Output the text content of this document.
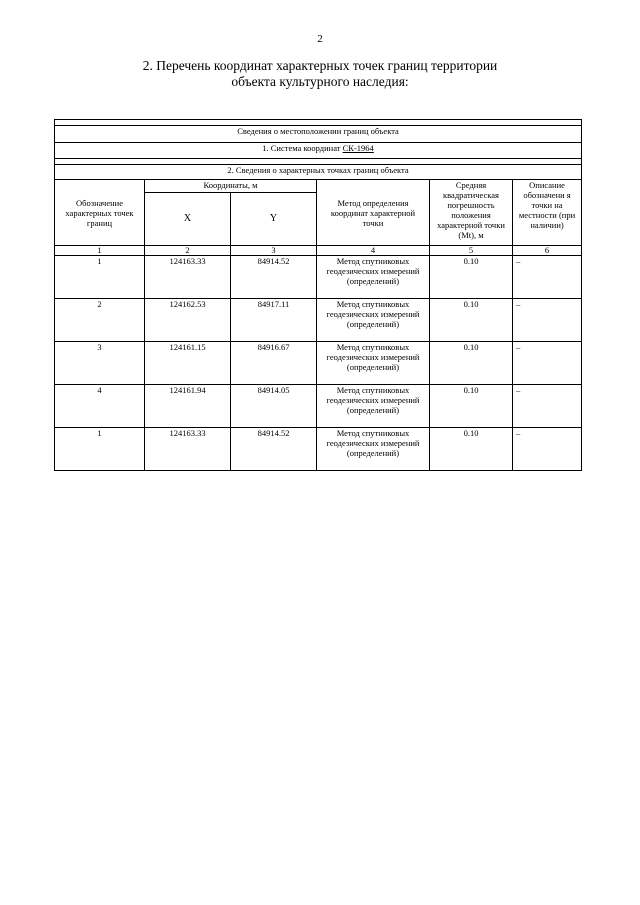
2
2. Перечень координат характерных точек границ территории
объекта культурного наследия:

Сведения о местоположении границ объекта					
1. Система координат СК-1964					

2. Сведения о характерных точках границ объекта					
Обозначение характерных точек границ	Координаты, м		Метод определения координат характерной точки	Средняя квадратическая погрешность положения характерной точки (Mt), м	Описание обозначени я точки на местности (при наличии)
	X	Y			
1	2	3	4	5	6
1	124163.33	84914.52	Метод спутниковых геодезических измерений (определений)	0.10	–
2	124162.53	84917.11	Метод спутниковых геодезических измерений (определений)	0.10	–
3	124161.15	84916.67	Метод спутниковых геодезических измерений (определений)	0.10	–
4	124161.94	84914.05	Метод спутниковых геодезических измерений (определений)	0.10	–
1	124163.33	84914.52	Метод спутниковых геодезических измерений (определений)	0.10	–
